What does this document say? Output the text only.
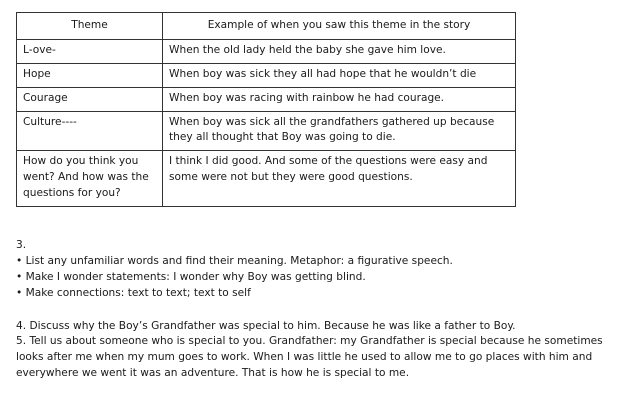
Theme	Example of when you saw this theme in the story
L-ove-	When the old lady held the baby she gave him love.
Hope	When boy was sick they all had hope that he wouldn’t die
Courage	When boy was racing with rainbow he had courage.
Culture----	When boy was sick all the grandfathers gathered up because they all thought that Boy was going to die.
How do you think you went? And how was the questions for you?	I think I did good. And some of the questions were easy and some were not but they were good questions.

3.

• List any unfamiliar words and find their meaning. Metaphor: a figurative speech.
• Make I wonder statements: I wonder why Boy was getting blind.
• Make connections: text to text; text to self

4. Discuss why the Boy’s Grandfather was special to him. Because he was like a father to Boy.

5. Tell us about someone who is special to you. Grandfather: my Grandfather is special because he sometimes looks after me when my mum goes to work. When I was little he used to allow me to go places with him and everywhere we went it was an adventure. That is how he is special to me.
